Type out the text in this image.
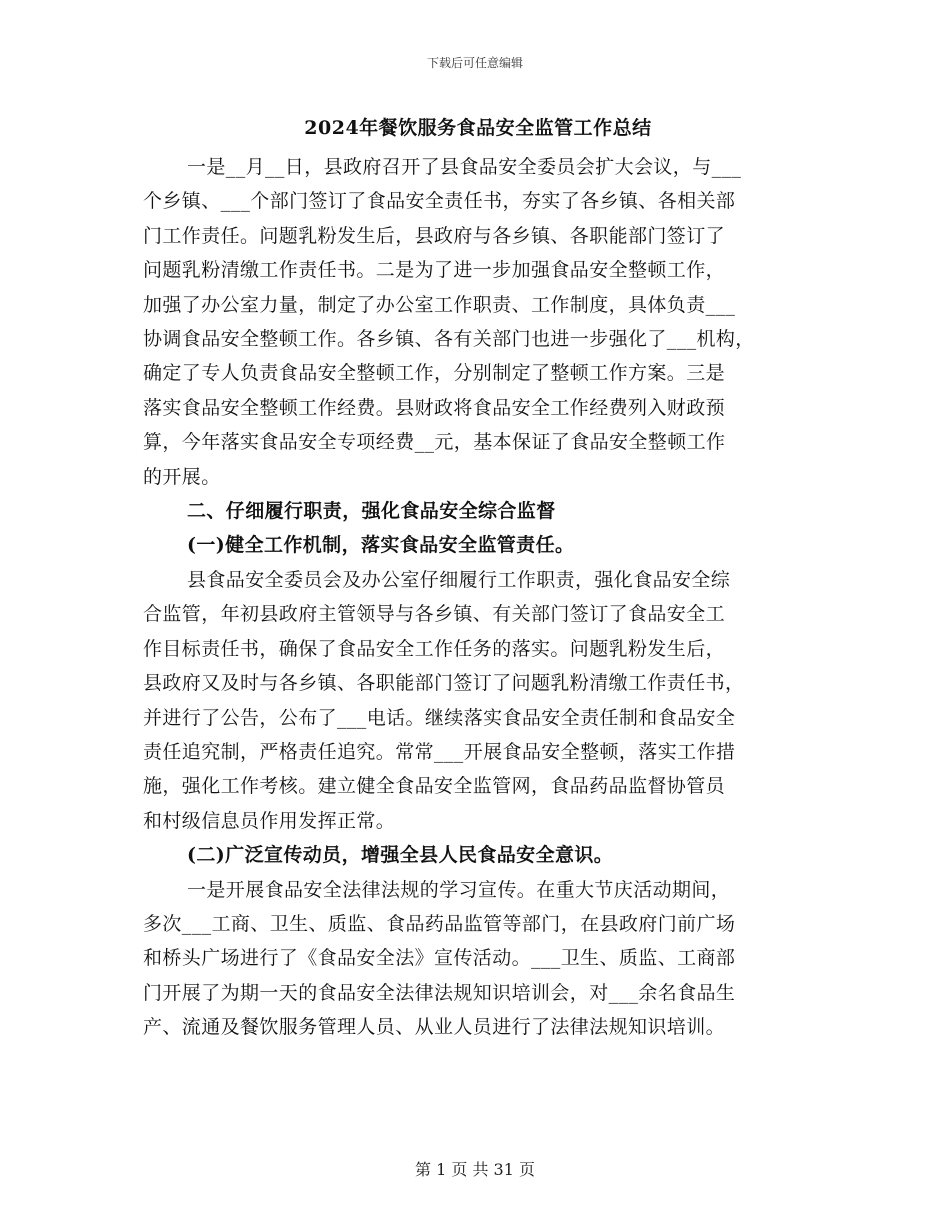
下载后可任意编辑
2024年餐饮服务食品安全监管工作总结
一是__月__日，县政府召开了县食品安全委员会扩大会议，与___
个乡镇、___个部门签订了食品安全责任书，夯实了各乡镇、各相关部
门工作责任。问题乳粉发生后，县政府与各乡镇、各职能部门签订了
问题乳粉清缴工作责任书。二是为了进一步加强食品安全整顿工作，
加强了办公室力量，制定了办公室工作职责、工作制度，具体负责___
协调食品安全整顿工作。各乡镇、各有关部门也进一步强化了___机构，
确定了专人负责食品安全整顿工作，分别制定了整顿工作方案。三是
落实食品安全整顿工作经费。县财政将食品安全工作经费列入财政预
算，今年落实食品安全专项经费__元，基本保证了食品安全整顿工作
的开展。
二、仔细履行职责，强化食品安全综合监督
(一)健全工作机制，落实食品安全监管责任。
县食品安全委员会及办公室仔细履行工作职责，强化食品安全综
合监管，年初县政府主管领导与各乡镇、有关部门签订了食品安全工
作目标责任书，确保了食品安全工作任务的落实。问题乳粉发生后，
县政府又及时与各乡镇、各职能部门签订了问题乳粉清缴工作责任书，
并进行了公告，公布了___电话。继续落实食品安全责任制和食品安全
责任追究制，严格责任追究。常常___开展食品安全整顿，落实工作措
施，强化工作考核。建立健全食品安全监管网，食品药品监督协管员
和村级信息员作用发挥正常。
(二)广泛宣传动员，增强全县人民食品安全意识。
一是开展食品安全法律法规的学习宣传。在重大节庆活动期间，
多次___工商、卫生、质监、食品药品监管等部门，在县政府门前广场
和桥头广场进行了《食品安全法》宣传活动。___卫生、质监、工商部
门开展了为期一天的食品安全法律法规知识培训会，对___余名食品生
产、流通及餐饮服务管理人员、从业人员进行了法律法规知识培训。
第 1 页 共 31 页
